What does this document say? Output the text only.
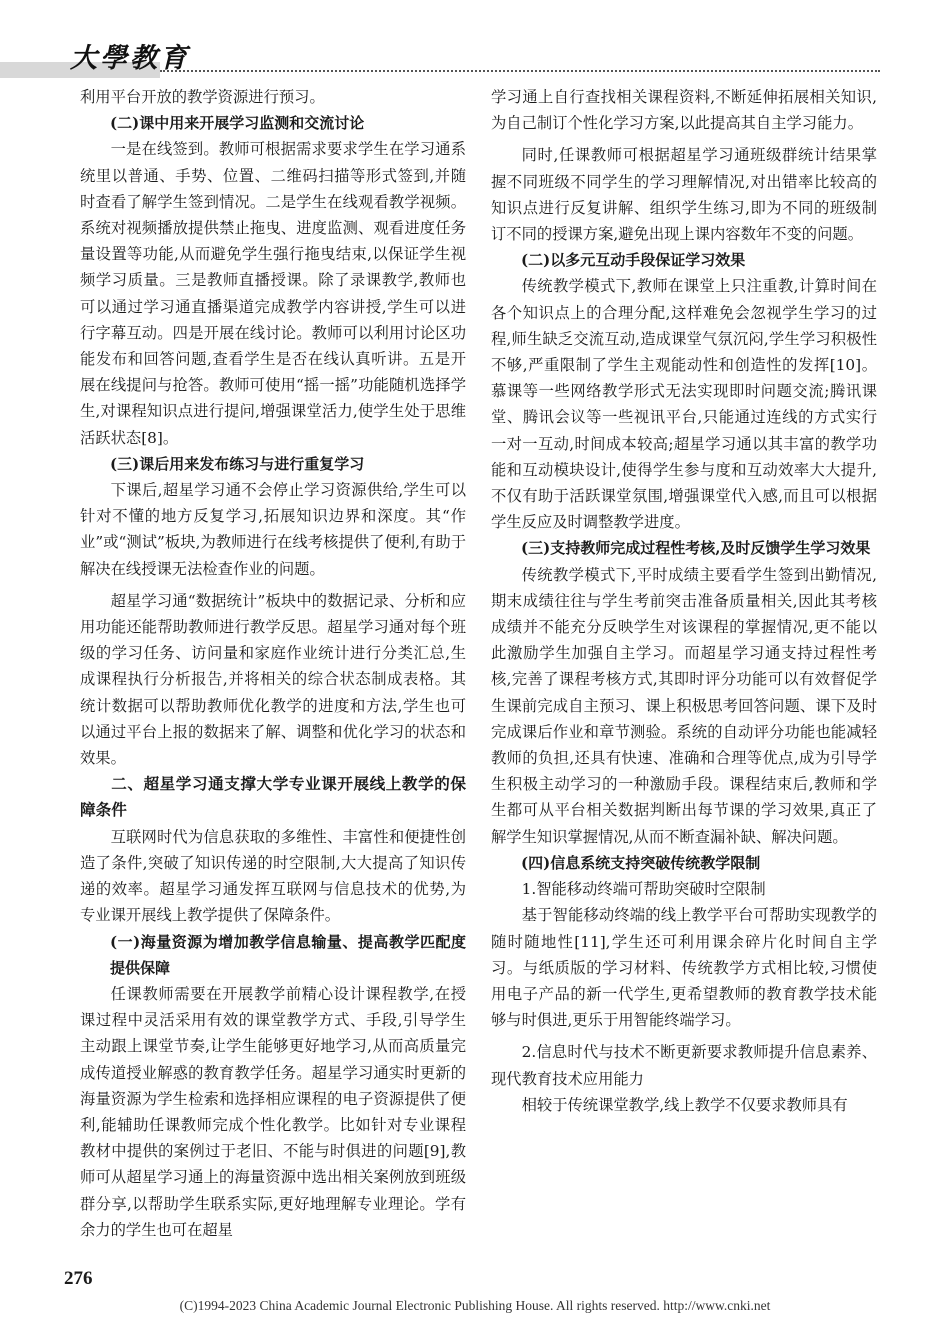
大學教育

利用平台开放的教学资源进行预习。

(二)课中用来开展学习监测和交流讨论

一是在线签到。教师可根据需求要求学生在学习通系统里以普通、手势、位置、二维码扫描等形式签到,并随时查看了解学生签到情况。二是学生在线观看教学视频。系统对视频播放提供禁止拖曳、进度监测、观看进度任务量设置等功能,从而避免学生强行拖曳结束,以保证学生视频学习质量。三是教师直播授课。除了录课教学,教师也可以通过学习通直播渠道完成教学内容讲授,学生可以进行字幕互动。四是开展在线讨论。教师可以利用讨论区功能发布和回答问题,查看学生是否在线认真听讲。五是开展在线提问与抢答。教师可使用“摇一摇”功能随机选择学生,对课程知识点进行提问,增强课堂活力,使学生处于思维活跃状态[8]。

(三)课后用来发布练习与进行重复学习

下课后,超星学习通不会停止学习资源供给,学生可以针对不懂的地方反复学习,拓展知识边界和深度。其“作业”或“测试”板块,为教师进行在线考核提供了便利,有助于解决在线授课无法检查作业的问题。

超星学习通“数据统计”板块中的数据记录、分析和应用功能还能帮助教师进行教学反思。超星学习通对每个班级的学习任务、访问量和家庭作业统计进行分类汇总,生成课程执行分析报告,并将相关的综合状态制成表格。其统计数据可以帮助教师优化教学的进度和方法,学生也可以通过平台上报的数据来了解、调整和优化学习的状态和效果。

二、超星学习通支撑大学专业课开展线上教学的保障条件

互联网时代为信息获取的多维性、丰富性和便捷性创造了条件,突破了知识传递的时空限制,大大提高了知识传递的效率。超星学习通发挥互联网与信息技术的优势,为专业课开展线上教学提供了保障条件。

(一)海量资源为增加教学信息输量、提高教学匹配度提供保障

任课教师需要在开展教学前精心设计课程教学,在授课过程中灵活采用有效的课堂教学方式、手段,引导学生主动跟上课堂节奏,让学生能够更好地学习,从而高质量完成传道授业解惑的教育教学任务。超星学习通实时更新的海量资源为学生检索和选择相应课程的电子资源提供了便利,能辅助任课教师完成个性化教学。比如针对专业课程教材中提供的案例过于老旧、不能与时俱进的问题[9],教师可从超星学习通上的海量资源中选出相关案例放到班级群分享,以帮助学生联系实际,更好地理解专业理论。学有余力的学生也可在超星

学习通上自行查找相关课程资料,不断延伸拓展相关知识,为自己制订个性化学习方案,以此提高其自主学习能力。

同时,任课教师可根据超星学习通班级群统计结果掌握不同班级不同学生的学习理解情况,对出错率比较高的知识点进行反复讲解、组织学生练习,即为不同的班级制订不同的授课方案,避免出现上课内容数年不变的问题。

(二)以多元互动手段保证学习效果

传统教学模式下,教师在课堂上只注重教,计算时间在各个知识点上的合理分配,这样难免会忽视学生学习的过程,师生缺乏交流互动,造成课堂气氛沉闷,学生学习积极性不够,严重限制了学生主观能动性和创造性的发挥[10]。慕课等一些网络教学形式无法实现即时问题交流;腾讯课堂、腾讯会议等一些视讯平台,只能通过连线的方式实行一对一互动,时间成本较高;超星学习通以其丰富的教学功能和互动模块设计,使得学生参与度和互动效率大大提升,不仅有助于活跃课堂氛围,增强课堂代入感,而且可以根据学生反应及时调整教学进度。

(三)支持教师完成过程性考核,及时反馈学生学习效果

传统教学模式下,平时成绩主要看学生签到出勤情况,期末成绩往往与学生考前突击准备质量相关,因此其考核成绩并不能充分反映学生对该课程的掌握情况,更不能以此激励学生加强自主学习。而超星学习通支持过程性考核,完善了课程考核方式,其即时评分功能可以有效督促学生课前完成自主预习、课上积极思考回答问题、课下及时完成课后作业和章节测验。系统的自动评分功能也能减轻教师的负担,还具有快速、准确和合理等优点,成为引导学生积极主动学习的一种激励手段。课程结束后,教师和学生都可从平台相关数据判断出每节课的学习效果,真正了解学生知识掌握情况,从而不断查漏补缺、解决问题。

(四)信息系统支持突破传统教学限制

1.智能移动终端可帮助突破时空限制

基于智能移动终端的线上教学平台可帮助实现教学的随时随地性[11],学生还可利用课余碎片化时间自主学习。与纸质版的学习材料、传统教学方式相比较,习惯使用电子产品的新一代学生,更希望教师的教育教学技术能够与时俱进,更乐于用智能终端学习。

2.信息时代与技术不断更新要求教师提升信息素养、现代教育技术应用能力

相较于传统课堂教学,线上教学不仅要求教师具有

276
(C)1994-2023 China Academic Journal Electronic Publishing House. All rights reserved. http://www.cnki.net
